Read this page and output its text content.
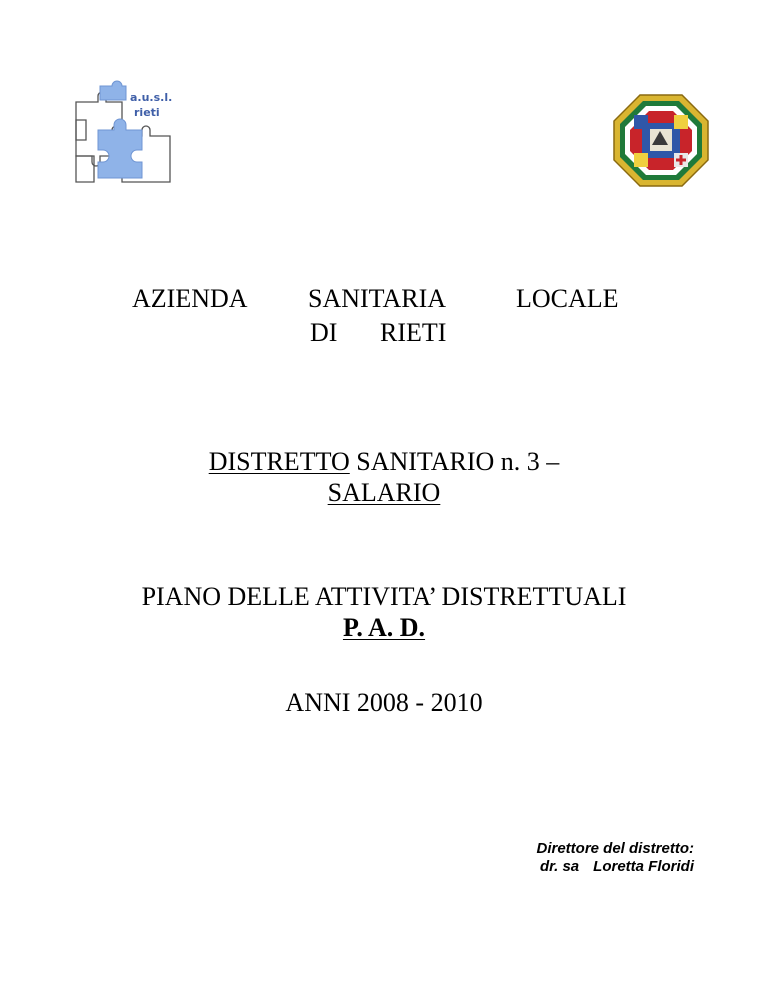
a.u.s.l.
rieti
AZIENDA SANITARIA	LOCALE
DI RIETI
DISTRETTO SANITARIO n. 3 –
SALARIO
PIANO DELLE ATTIVITA’ DISTRETTUALI
P. A. D.
ANNI 2008 - 2010
Direttore del distretto:
dr. sa Loretta Floridi
